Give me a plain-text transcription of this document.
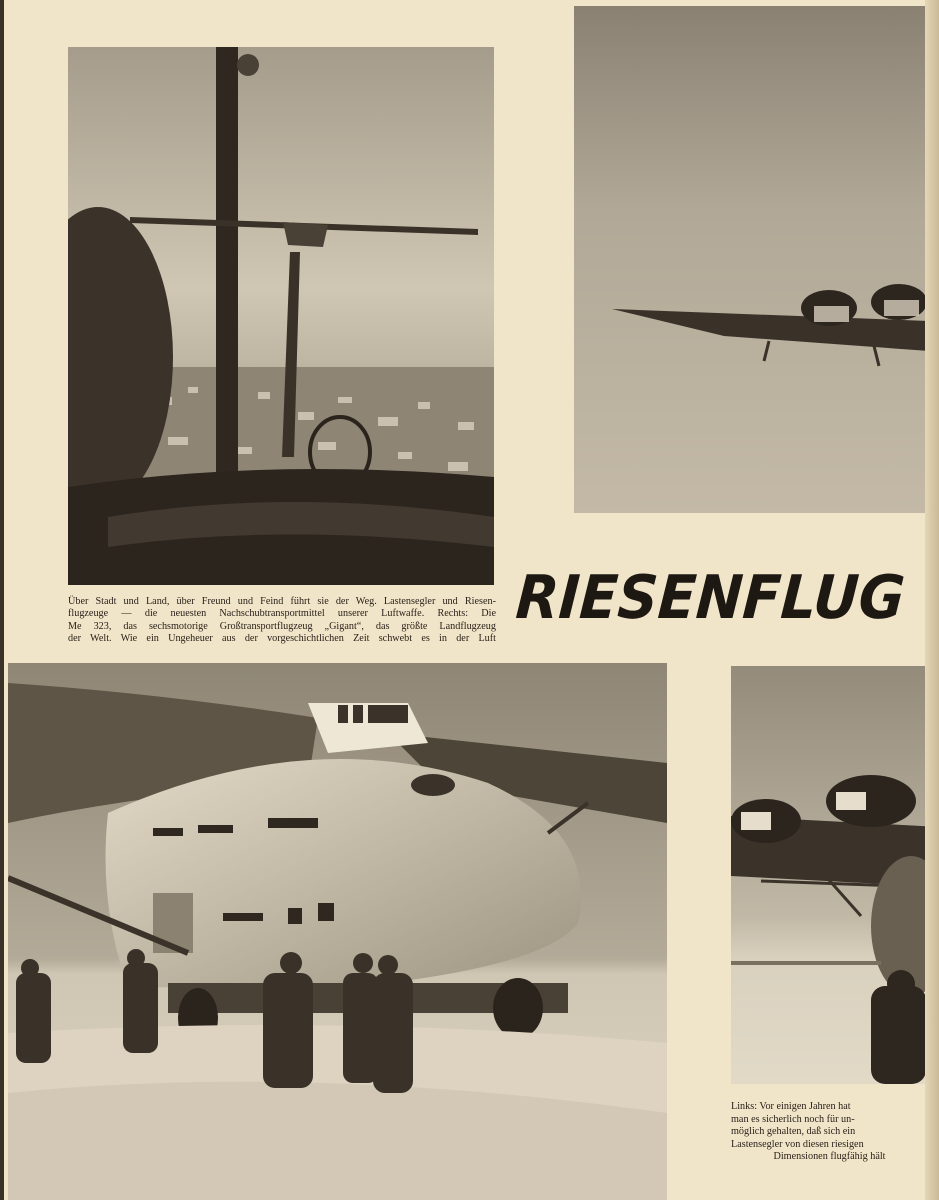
RIESENFLUG
Über Stadt und Land, über Freund und Feind führt sie der Weg. Lastensegler und Riesen-
flugzeuge — die neuesten Nachschubtransportmittel unserer Luftwaffe. Rechts: Die
Me 323, das sechsmotorige Großtransportflugzeug „Gigant“, das größte Landflugzeug
der Welt. Wie ein Ungeheuer aus der vorgeschichtlichen Zeit schwebt es in der Luft
Links: Vor einigen Jahren hat
man es sicherlich noch für un-
möglich gehalten, daß sich ein
Lastensegler von diesen riesigen
Dimensionen flugfähig hält
